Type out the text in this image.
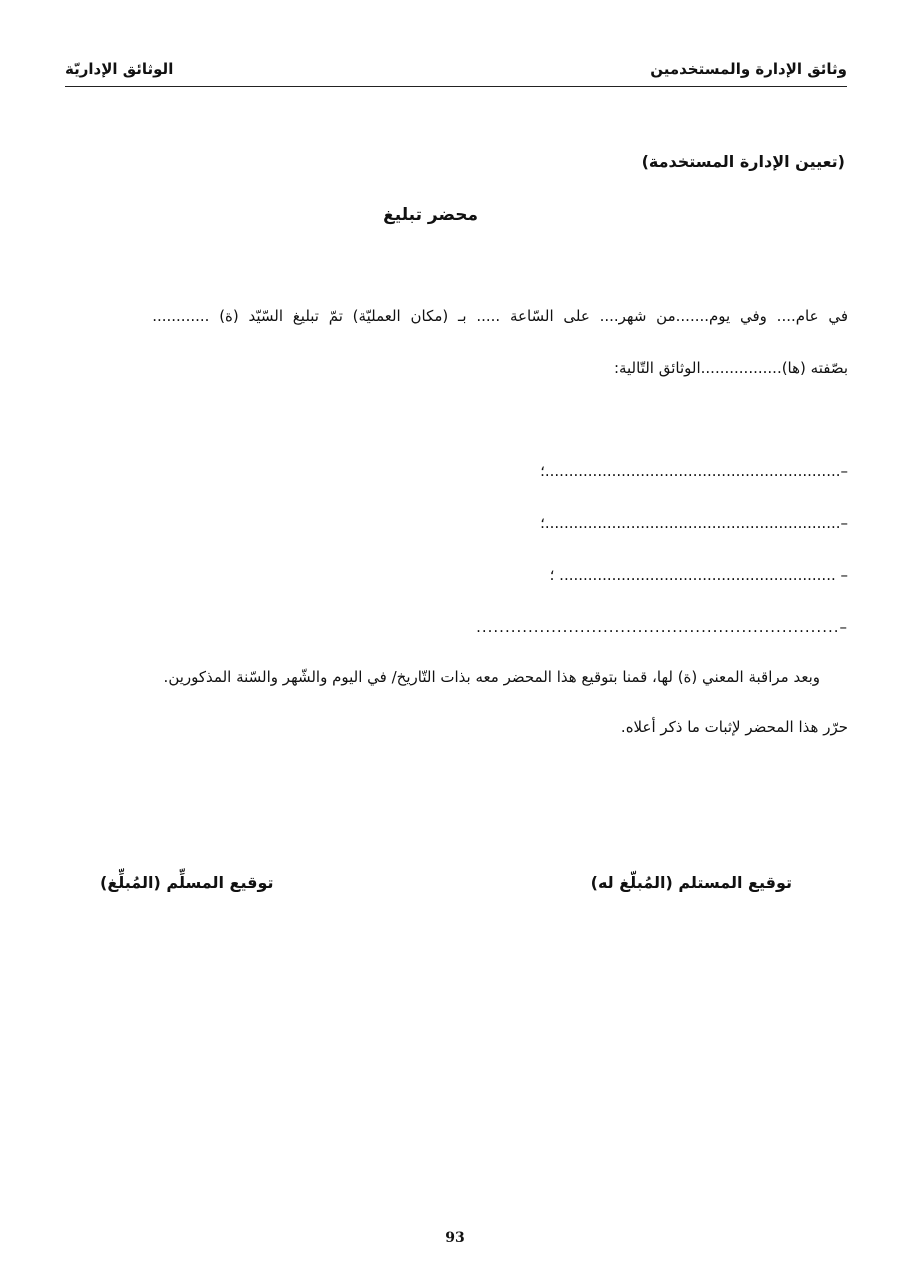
وثائق الإدارة والمستخدمين
الوثائق الإداريّة
(تعيين الإدارة المستخدمة)
محضر تبليغ
في عام.... وفي يوم.......من شهر.... على السّاعة ..... بـ (مكان العمليّة) تمّ تبليغ السّيّد (ة) ............
بصّفته (ها).................الوثائق التّالية:
–..............................................................؛
–..............................................................؛
– .......................................................... ؛
–...............................................................
وبعد مراقبة المعني (ة) لها، قمنا بتوقيع هذا المحضر معه بذات التّاريخ/ في اليوم والشّهر والسّنة المذكورين.
حرّر هذا المحضر لإثبات ما ذكر أعلاه.
توقيع المستلم (المُبلّغ له)
توقيع المسلِّم (المُبلِّغ)
93
